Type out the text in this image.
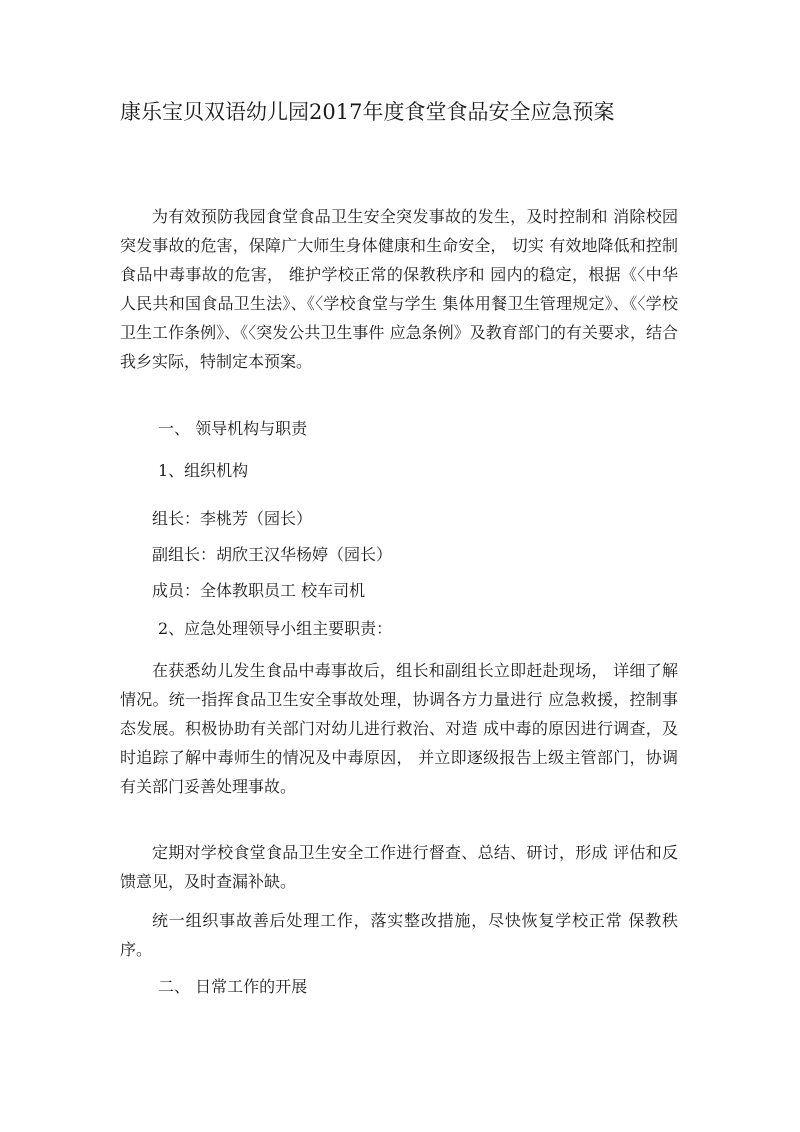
康乐宝贝双语幼儿园2017年度食堂食品安全应急预案
为有效预防我园食堂食品卫生安全突发事故的发生，及时控制和 消除校园突发事故的危害，保障广大师生身体健康和生命安全， 切实 有效地降低和控制食品中毒事故的危害， 维护学校正常的保教秩序和 园内的稳定，根据《〈中华人民共和国食品卫生法》、《〈学校食堂与学生 集体用餐卫生管理规定》、《〈学校卫生工作条例》、《〈突发公共卫生事件 应急条例》及教育部门的有关要求，结合我乡实际，特制定本预案。
一、 领导机构与职责
1、组织机构
组长：李桃芳（园长）
副组长：胡欣王汉华杨婷（园长）
成员：全体教职员工 校车司机
2、应急处理领导小组主要职责：
在获悉幼儿发生食品中毒事故后，组长和副组长立即赶赴现场， 详细了解情况。统一指挥食品卫生安全事故处理，协调各方力量进行 应急救援，控制事态发展。积极协助有关部门对幼儿进行救治、对造 成中毒的原因进行调查，及时追踪了解中毒师生的情况及中毒原因， 并立即逐级报告上级主管部门，协调有关部门妥善处理事故。
定期对学校食堂食品卫生安全工作进行督查、总结、研讨，形成 评估和反馈意见，及时查漏补缺。
统一组织事故善后处理工作，落实整改措施，尽快恢复学校正常 保教秩序。
二、 日常工作的开展
